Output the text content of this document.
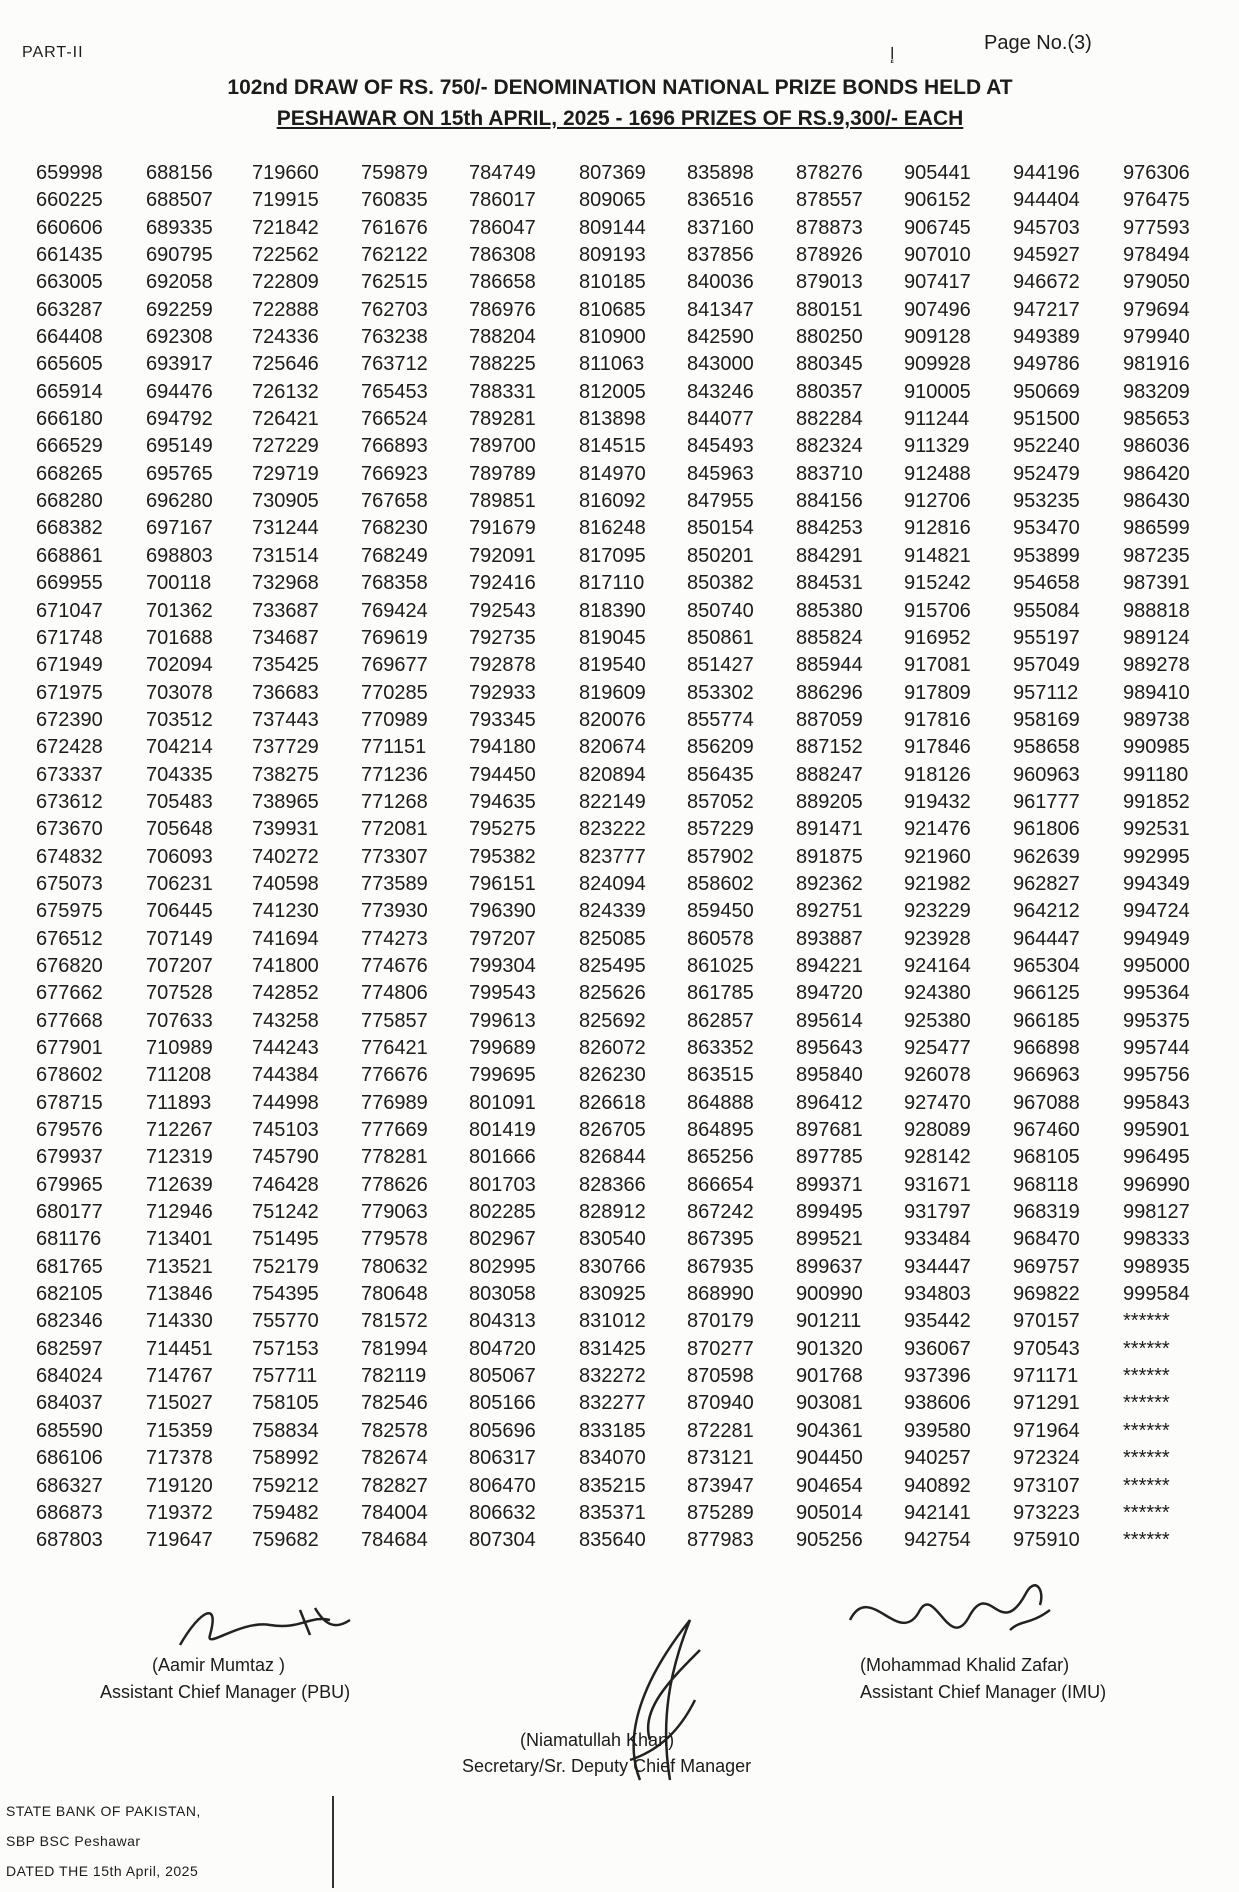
PART-II	ﺇ
Page No.(3)
102nd DRAW OF RS. 750/- DENOMINATION NATIONAL PRIZE BONDS HELD AT
PESHAWAR ON 15th APRIL, 2025 - 1696 PRIZES OF RS.9,300/- EACH
659998 688156 719660 759879 784749 807369 835898 878276 905441 944196 976306
660225 688507 719915 760835 786017 809065 836516 878557 906152 944404 976475
660606 689335 721842 761676 786047 809144 837160 878873 906745 945703 977593
661435 690795 722562 762122 786308 809193 837856 878926 907010 945927 978494
663005 692058 722809 762515 786658 810185 840036 879013 907417 946672 979050
663287 692259 722888 762703 786976 810685 841347 880151 907496 947217 979694
664408 692308 724336 763238 788204 810900 842590 880250 909128 949389 979940
665605 693917 725646 763712 788225 811063 843000 880345 909928 949786 981916
665914 694476 726132 765453 788331 812005 843246 880357 910005 950669 983209
666180 694792 726421 766524 789281 813898 844077 882284 911244 951500 985653
666529 695149 727229 766893 789700 814515 845493 882324 911329 952240 986036
668265 695765 729719 766923 789789 814970 845963 883710 912488 952479 986420
668280 696280 730905 767658 789851 816092 847955 884156 912706 953235 986430
668382 697167 731244 768230 791679 816248 850154 884253 912816 953470 986599
668861 698803 731514 768249 792091 817095 850201 884291 914821 953899 987235
669955 700118 732968 768358 792416 817110 850382 884531 915242 954658 987391
671047 701362 733687 769424 792543 818390 850740 885380 915706 955084 988818
671748 701688 734687 769619 792735 819045 850861 885824 916952 955197 989124
671949 702094 735425 769677 792878 819540 851427 885944 917081 957049 989278
671975 703078 736683 770285 792933 819609 853302 886296 917809 957112 989410
672390 703512 737443 770989 793345 820076 855774 887059 917816 958169 989738
672428 704214 737729 771151 794180 820674 856209 887152 917846 958658 990985
673337 704335 738275 771236 794450 820894 856435 888247 918126 960963 991180
673612 705483 738965 771268 794635 822149 857052 889205 919432 961777 991852
673670 705648 739931 772081 795275 823222 857229 891471 921476 961806 992531
674832 706093 740272 773307 795382 823777 857902 891875 921960 962639 992995
675073 706231 740598 773589 796151 824094 858602 892362 921982 962827 994349
675975 706445 741230 773930 796390 824339 859450 892751 923229 964212 994724
676512 707149 741694 774273 797207 825085 860578 893887 923928 964447 994949
676820 707207 741800 774676 799304 825495 861025 894221 924164 965304 995000
677662 707528 742852 774806 799543 825626 861785 894720 924380 966125 995364
677668 707633 743258 775857 799613 825692 862857 895614 925380 966185 995375
677901 710989 744243 776421 799689 826072 863352 895643 925477 966898 995744
678602 711208 744384 776676 799695 826230 863515 895840 926078 966963 995756
678715 711893 744998 776989 801091 826618 864888 896412 927470 967088 995843
679576 712267 745103 777669 801419 826705 864895 897681 928089 967460 995901
679937 712319 745790 778281 801666 826844 865256 897785 928142 968105 996495
679965 712639 746428 778626 801703 828366 866654 899371 931671 968118 996990
680177 712946 751242 779063 802285 828912 867242 899495 931797 968319 998127
681176 713401 751495 779578 802967 830540 867395 899521 933484 968470 998333
681765 713521 752179 780632 802995 830766 867935 899637 934447 969757 998935
682105 713846 754395 780648 803058 830925 868990 900990 934803 969822 999584
682346 714330 755770 781572 804313 831012 870179 901211 935442 970157 ******
682597 714451 757153 781994 804720 831425 870277 901320 936067 970543 ******
684024 714767 757711 782119 805067 832272 870598 901768 937396 971171 ******
684037 715027 758105 782546 805166 832277 870940 903081 938606 971291 ******
685590 715359 758834 782578 805696 833185 872281 904361 939580 971964 ******
686106 717378 758992 782674 806317 834070 873121 904450 940257 972324 ******
686327 719120 759212 782827 806470 835215 873947 904654 940892 973107 ******
686873 719372 759482 784004 806632 835371 875289 905014 942141 973223 ******
687803 719647 759682 784684 807304 835640 877983 905256 942754 975910 ******
(Aamir Mumtaz )
Assistant Chief Manager (PBU)
(Mohammad Khalid Zafar)
Assistant Chief Manager (IMU)
(Niamatullah Khan)
Secretary/Sr. Deputy Chief Manager
STATE BANK OF PAKISTAN,
SBP BSC Peshawar
DATED THE 15th April, 2025
